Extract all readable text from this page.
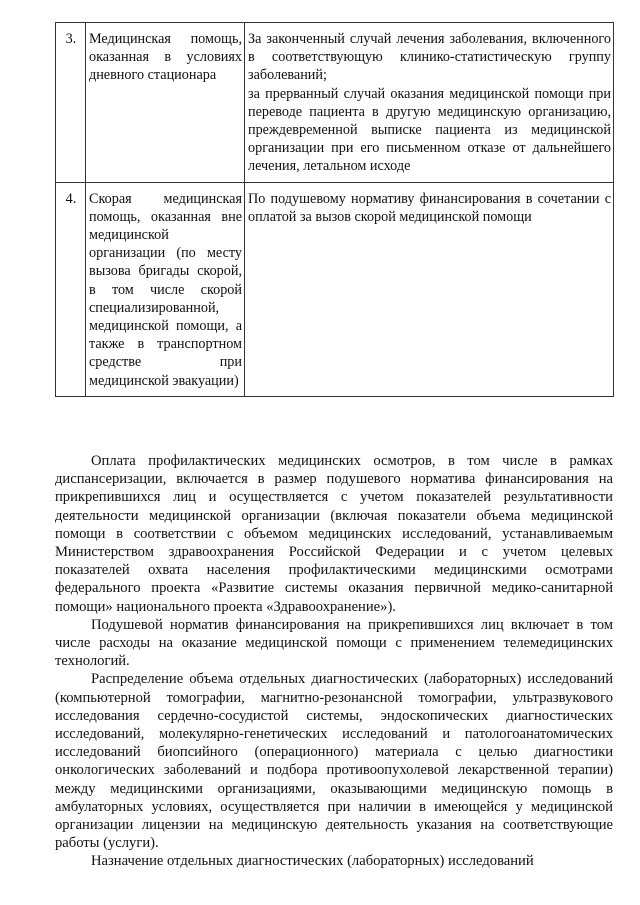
3.	Медицинская помощь, оказанная в условиях дневного стационара	За законченный случай лечения заболевания, включенного в соответствующую клинико-статистическую группу заболеваний;

за прерванный случай оказания медицинской помощи при переводе пациента в другую медицинскую организацию, преждевременной выписке пациента из медицинской организации при его письменном отказе от дальнейшего лечения, летальном исходе

4.	Скорая медицинская помощь, оказанная вне медицинской организации (по месту вызова бригады скорой, в том числе скорой специализированной, медицинской помощи, а также в транспортном средстве при медицинской эвакуации)	По подушевому нормативу финансирования в сочетании с оплатой за вызов скорой медицинской помощи

Оплата профилактических медицинских осмотров, в том числе в рамках диспансеризации, включается в размер подушевого норматива финансирования на прикрепившихся лиц и осуществляется с учетом показателей результативности деятельности медицинской организации (включая показатели объема медицинской помощи в соответствии с объемом медицинских исследований, устанавливаемым Министерством здравоохранения Российской Федерации и с учетом целевых показателей охвата населения профилактическими медицинскими осмотрами федерального проекта «Развитие системы оказания первичной медико-санитарной помощи» национального проекта «Здравоохранение»).

Подушевой норматив финансирования на прикрепившихся лиц включает в том числе расходы на оказание медицинской помощи с применением телемедицинских технологий.

Распределение объема отдельных диагностических (лабораторных) исследований (компьютерной томографии, магнитно-резонансной томографии, ультразвукового исследования сердечно-сосудистой системы, эндоскопических диагностических исследований, молекулярно-генетических исследований и патологоанатомических исследований биопсийного (операционного) материала с целью диагностики онкологических заболеваний и подбора противоопухолевой лекарственной терапии) между медицинскими организациями, оказывающими медицинскую помощь в амбулаторных условиях, осуществляется при наличии в имеющейся у медицинской организации лицензии на медицинскую деятельность указания на соответствующие работы (услуги).

Назначение отдельных диагностических (лабораторных) исследований
